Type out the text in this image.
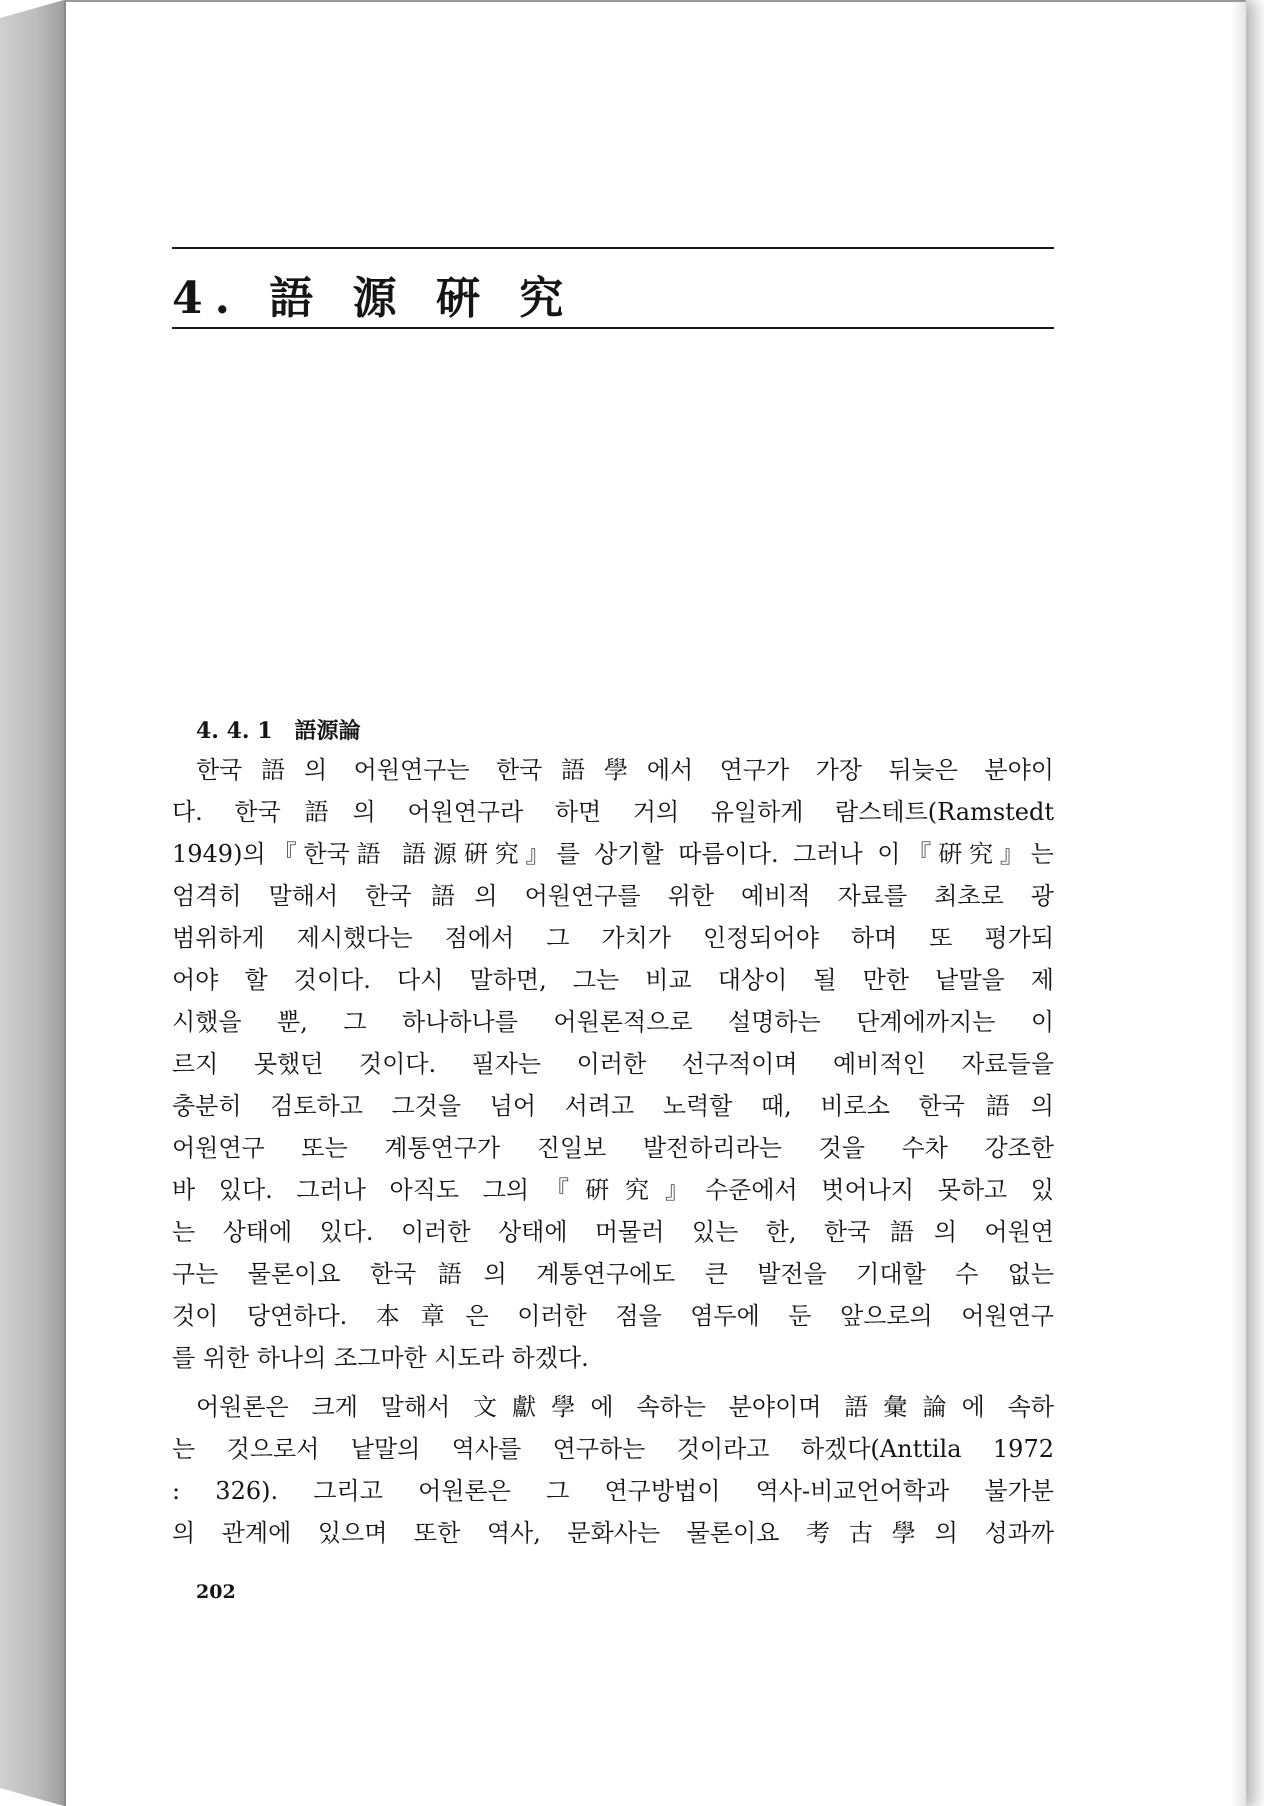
4. 語 源 硏 究
4. 4. 1　語源論
한국語의 어원연구는 한국語學에서 연구가 가장 뒤늦은 분야이
다. 한국語의 어원연구라 하면 거의 유일하게 람스테트(Ramstedt
1949)의『한국語 語源硏究』를 상기할 따름이다. 그러나 이『硏究』는
엄격히 말해서 한국語의 어원연구를 위한 예비적 자료를 최초로 광
범위하게 제시했다는 점에서 그 가치가 인정되어야 하며 또 평가되
어야 할 것이다. 다시 말하면, 그는 비교 대상이 될 만한 낱말을 제
시했을 뿐, 그 하나하나를 어원론적으로 설명하는 단계에까지는 이
르지 못했던 것이다. 필자는 이러한 선구적이며 예비적인 자료들을
충분히 검토하고 그것을 넘어 서려고 노력할 때, 비로소 한국語의
어원연구 또는 계통연구가 진일보 발전하리라는 것을 수차 강조한
바 있다. 그러나 아직도 그의『硏究』수준에서 벗어나지 못하고 있
는 상태에 있다. 이러한 상태에 머물러 있는 한, 한국語의 어원연
구는 물론이요 한국語의 계통연구에도 큰 발전을 기대할 수 없는
것이 당연하다. 本章은 이러한 점을 염두에 둔 앞으로의 어원연구
를 위한 하나의 조그마한 시도라 하겠다.
어원론은 크게 말해서 文獻學에 속하는 분야이며 語彙論에 속하
는 것으로서 낱말의 역사를 연구하는 것이라고 하겠다(Anttila 1972
: 326). 그리고 어원론은 그 연구방법이 역사-비교언어학과 불가분
의 관계에 있으며 또한 역사, 문화사는 물론이요 考古學의 성과까
202
